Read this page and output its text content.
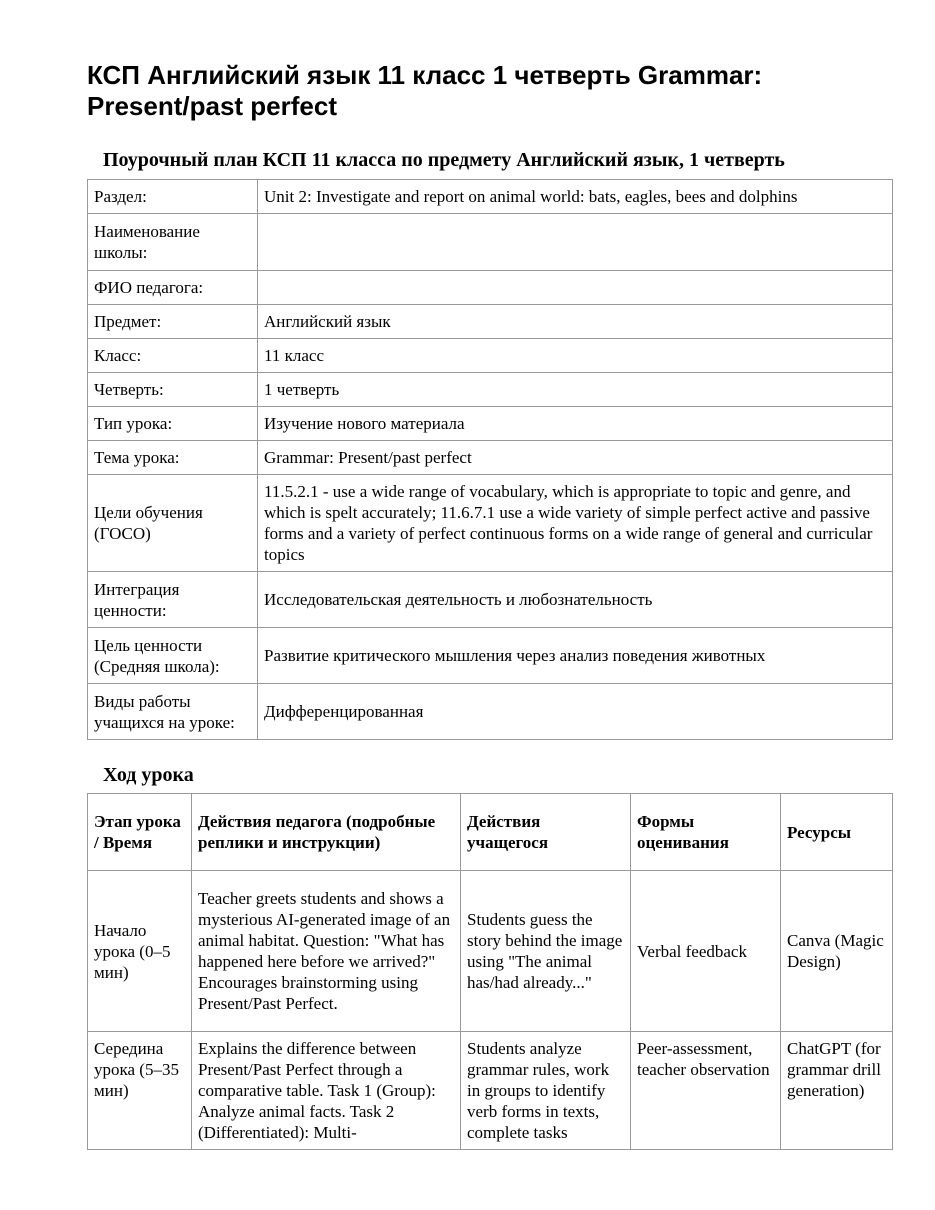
КСП Английский язык 11 класс 1 четверть Grammar: Present/past perfect
Поурочный план КСП 11 класса по предмету Английский язык, 1 четверть
Раздел:	Unit 2: Investigate and report on animal world: bats, eagles, bees and dolphins
Наименование школы:	
ФИО педагога:	
Предмет:	Английский язык
Класс:	11 класс
Четверть:	1 четверть
Тип урока:	Изучение нового материала
Тема урока:	Grammar: Present/past perfect
Цели обучения (ГОСО)	11.5.2.1 - use a wide range of vocabulary, which is appropriate to topic and genre, and which is spelt accurately; 11.6.7.1 use a wide variety of simple perfect active and passive forms and a variety of perfect continuous forms on a wide range of general and curricular topics
Интеграция ценности:	Исследовательская деятельность и любознательность
Цель ценности (Средняя школа):	Развитие критического мышления через анализ поведения животных
Виды работы учащихся на уроке:	Дифференцированная
Ход урока
Этап урока / Время	Действия педагога (подробные реплики и инструкции)	Действия учащегося	Формы оценивания	Ресурсы
Начало урока (0–5 мин)	Teacher greets students and shows a mysterious AI-generated image of an animal habitat. Question: "What has happened here before we arrived?" Encourages brainstorming using Present/Past Perfect.	Students guess the story behind the image using "The animal has/had already..."	Verbal feedback	Canva (Magic Design)

Середина урока (5–35 мин)	Explains the difference between Present/Past Perfect through a comparative table. Task 1 (Group): Analyze animal facts. Task 2 (Differentiated): Multi-	Students analyze grammar rules, work in groups to identify verb forms in texts, complete tasks	Peer-assessment, teacher observation	ChatGPT (for grammar drill generation)
